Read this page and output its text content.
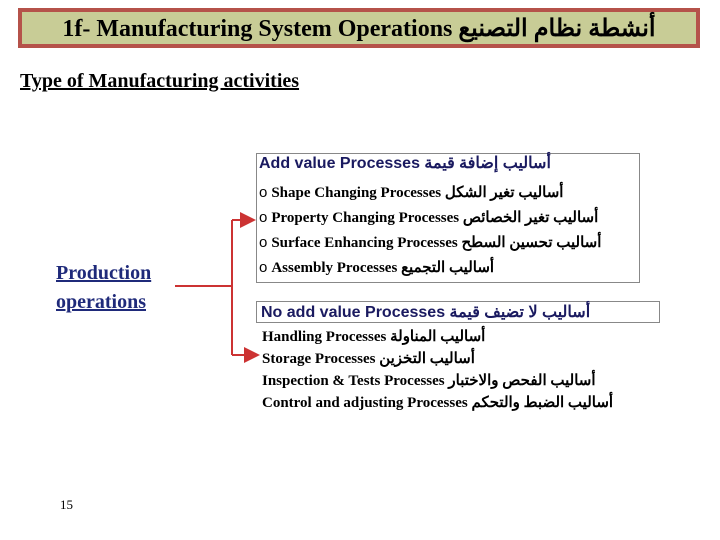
1f- Manufacturing System Operations أنشطة نظام التصنيع
Type of Manufacturing activities
Production
operations
Add value Processes أساليب إضافة قيمة
o Shape Changing Processes أساليب تغير الشكل
o Property Changing Processes أساليب تغير الخصائص
o Surface Enhancing Processes أساليب تحسين السطح
o Assembly Processes أساليب التجميع
No add value Processes أساليب لا تضيف قيمة
Handling Processes أساليب المناولة
Storage Processes أساليب التخزين
Inspection & Tests Processes أساليب الفحص والاختبار
Control and adjusting Processes أساليب الضبط والتحكم
15
